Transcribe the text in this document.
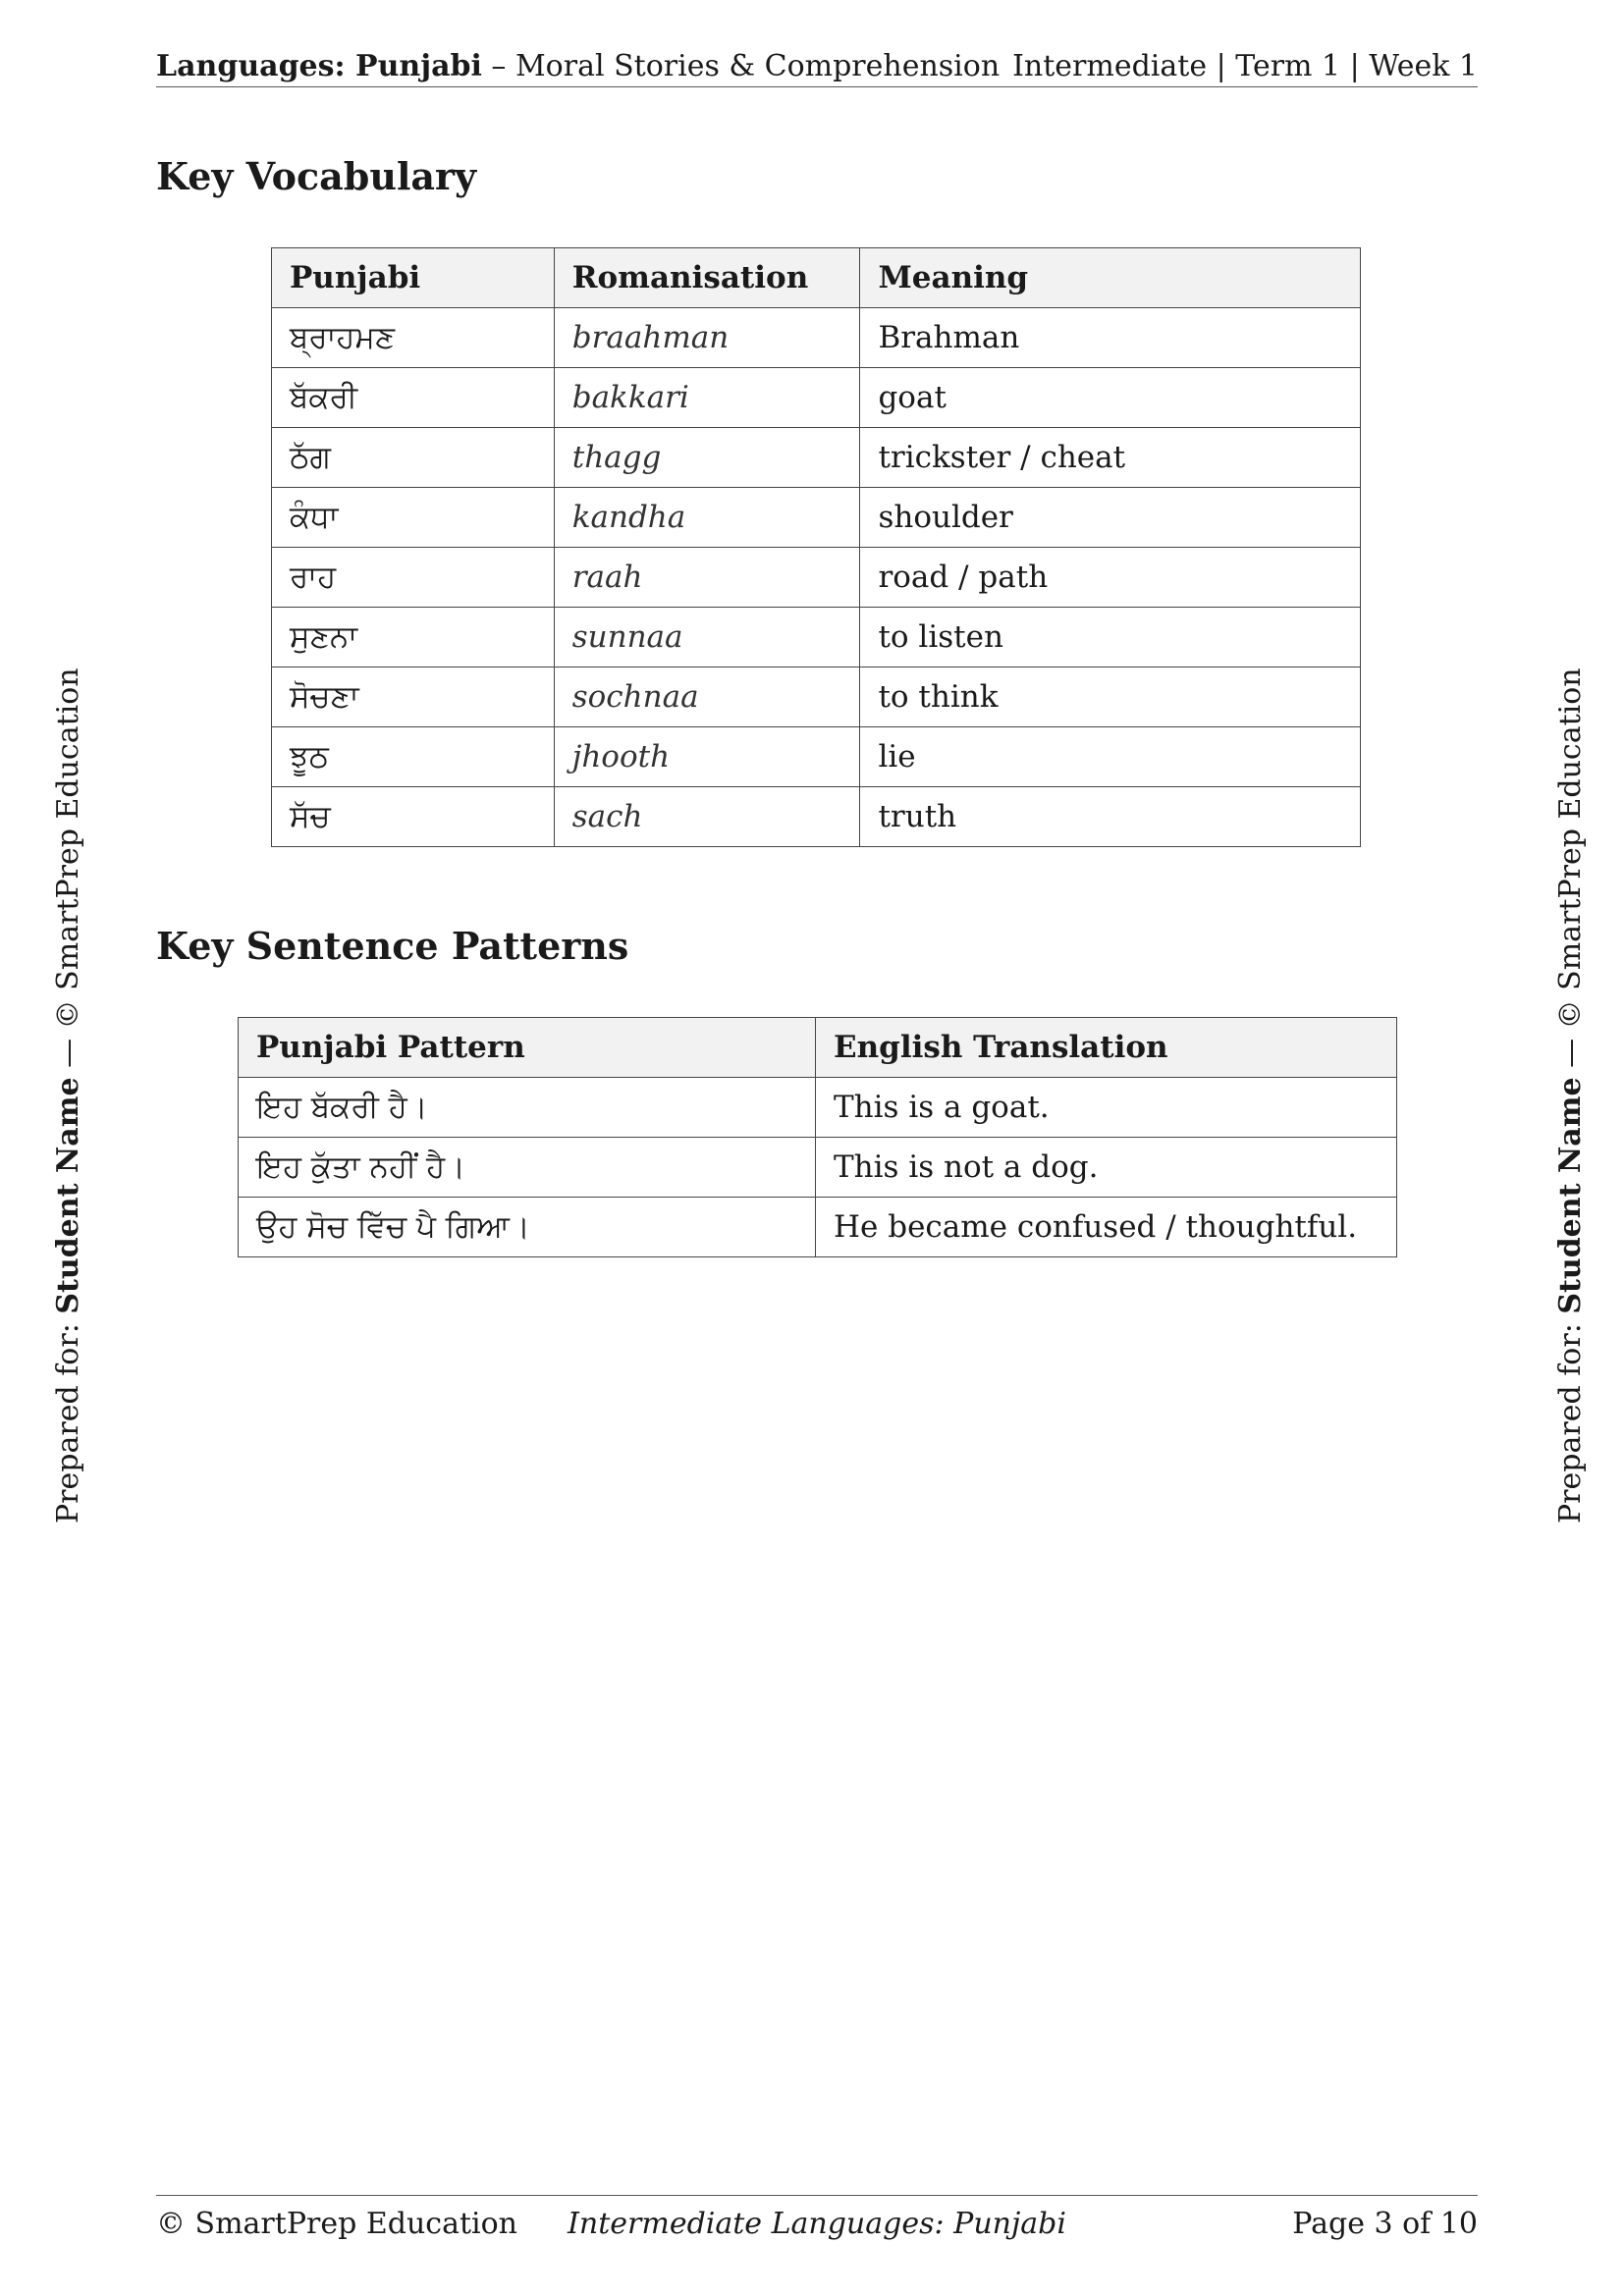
Languages: Punjabi – Moral Stories & Comprehension Intermediate | Term 1 | Week 1
Key Vocabulary
Punjabi	Romanisation	Meaning
ਬ੍ਰਾਹਮਣ	braahman	Brahman
ਬੱਕਰੀ	bakkari	goat
ਠੱਗ	thagg	trickster / cheat
ਕੰਧਾ	kandha	shoulder
ਰਾਹ	raah	road / path
ਸੁਣਨਾ	sunnaa	to listen
ਸੋਚਣਾ	sochnaa	to think
ਝੂਠ	jhooth	lie
ਸੱਚ	sach	truth
Key Sentence Patterns
Punjabi Pattern	English Translation
ਇਹ ਬੱਕਰੀ ਹੈ।	This is a goat.
ਇਹ ਕੁੱਤਾ ਨਹੀਂ ਹੈ।	This is not a dog.
ਉਹ ਸੋਚ ਵਿੱਚ ਪੈ ਗਿਆ।	He became confused / thoughtful.
Prepared for: Student Name — © SmartPrep Education
Prepared for: Student Name — © SmartPrep Education
© SmartPrep Education	Intermediate Languages: Punjabi	Page 3 of 10
